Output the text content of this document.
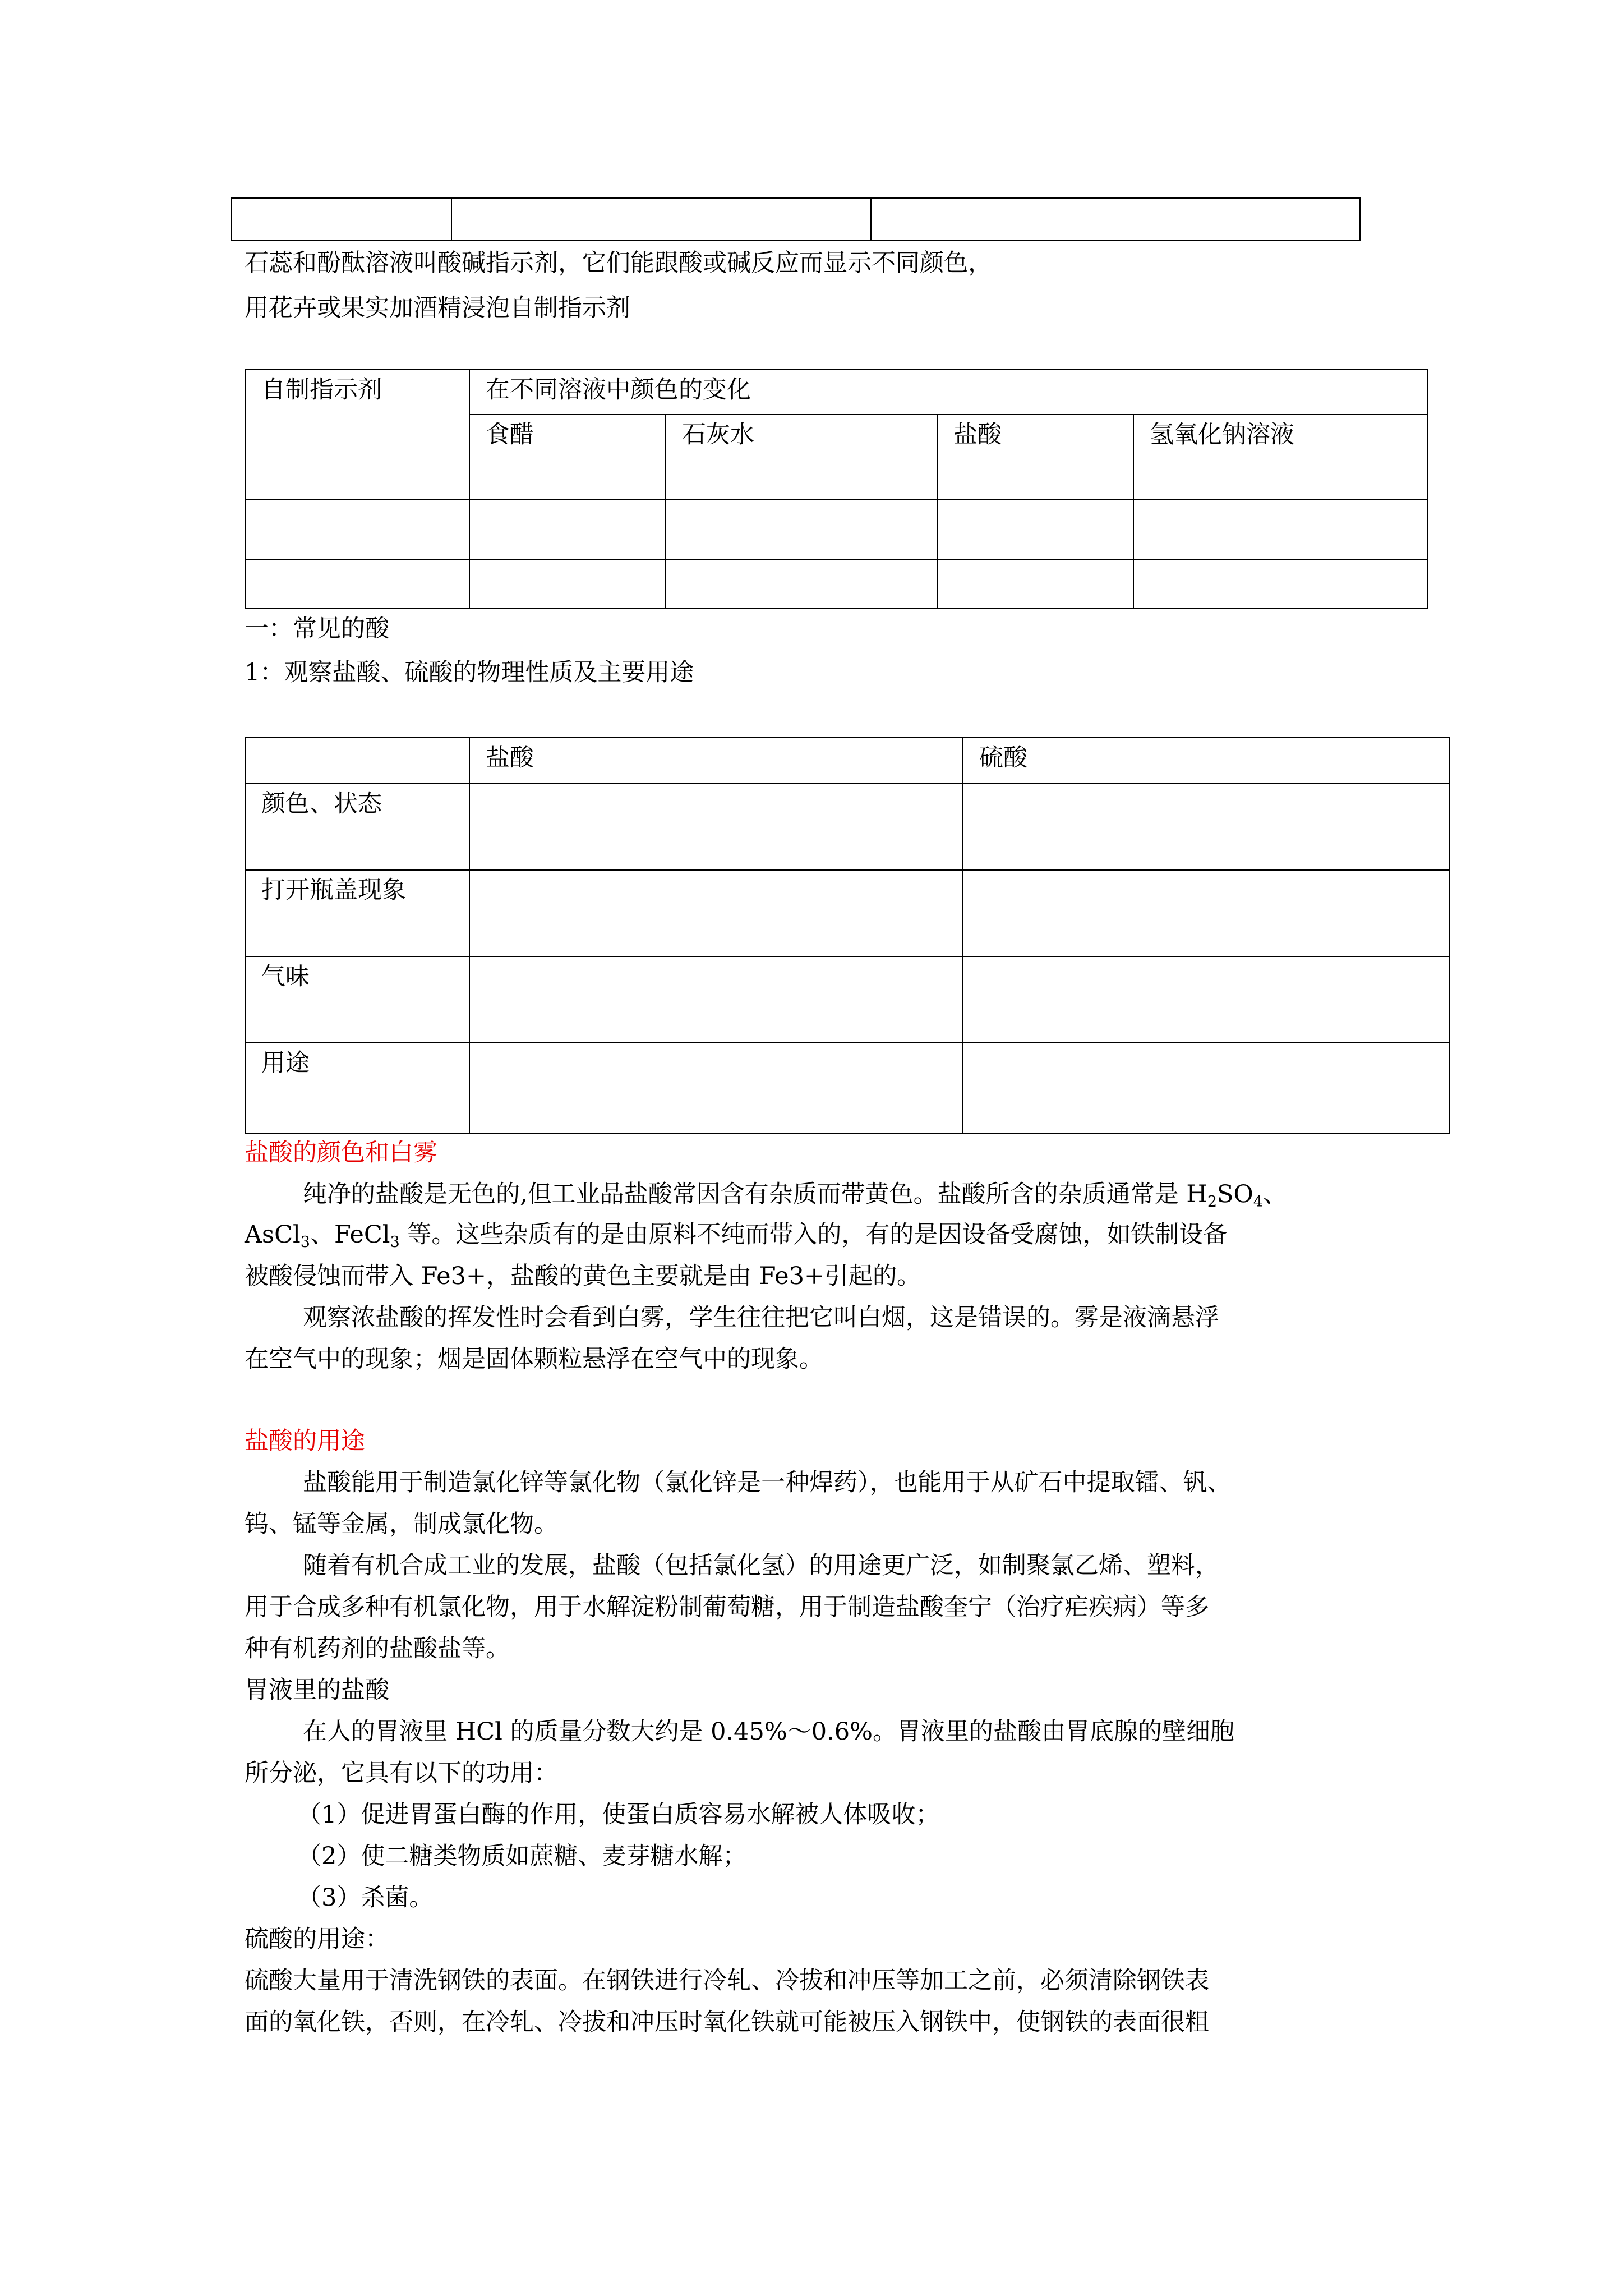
石蕊和酚酞溶液叫酸碱指示剂，它们能跟酸或碱反应而显示不同颜色，
用花卉或果实加酒精浸泡自制指示剂
自制指示剂	在不同溶液中颜色的变化			
	食醋	石灰水	盐酸	氢氧化钠溶液

一：常见的酸
1：观察盐酸、硫酸的物理性质及主要用途
	盐酸	硫酸
颜色、状态		
打开瓶盖现象		
气味		
用途		
盐酸的颜色和白雾
纯净的盐酸是无色的,但工业品盐酸常因含有杂质而带黄色。盐酸所含的杂质通常是 $H_2SO_4$、
AsCl$_3$、FeCl$_3$ 等。这些杂质有的是由原料不纯而带入的，有的是因设备受腐蚀，如铁制设备
被酸侵蚀而带入 Fe3+，盐酸的黄色主要就是由 Fe3+引起的。
观察浓盐酸的挥发性时会看到白雾，学生往往把它叫白烟，这是错误的。雾是液滴悬浮
在空气中的现象；烟是固体颗粒悬浮在空气中的现象。
盐酸的用途
盐酸能用于制造氯化锌等氯化物（氯化锌是一种焊药），也能用于从矿石中提取镭、钒、
钨、锰等金属，制成氯化物。
随着有机合成工业的发展，盐酸（包括氯化氢）的用途更广泛，如制聚氯乙烯、塑料，
用于合成多种有机氯化物，用于水解淀粉制葡萄糖，用于制造盐酸奎宁（治疗疟疾病）等多
种有机药剂的盐酸盐等。
胃液里的盐酸
在人的胃液里 HCl 的质量分数大约是 0.45%～0.6%。胃液里的盐酸由胃底腺的壁细胞
所分泌，它具有以下的功用：
（1）促进胃蛋白酶的作用，使蛋白质容易水解被人体吸收；
（2）使二糖类物质如蔗糖、麦芽糖水解；
（3）杀菌。
硫酸的用途：
硫酸大量用于清洗钢铁的表面。在钢铁进行冷轧、冷拔和冲压等加工之前，必须清除钢铁表
面的氧化铁，否则，在冷轧、冷拔和冲压时氧化铁就可能被压入钢铁中，使钢铁的表面很粗
